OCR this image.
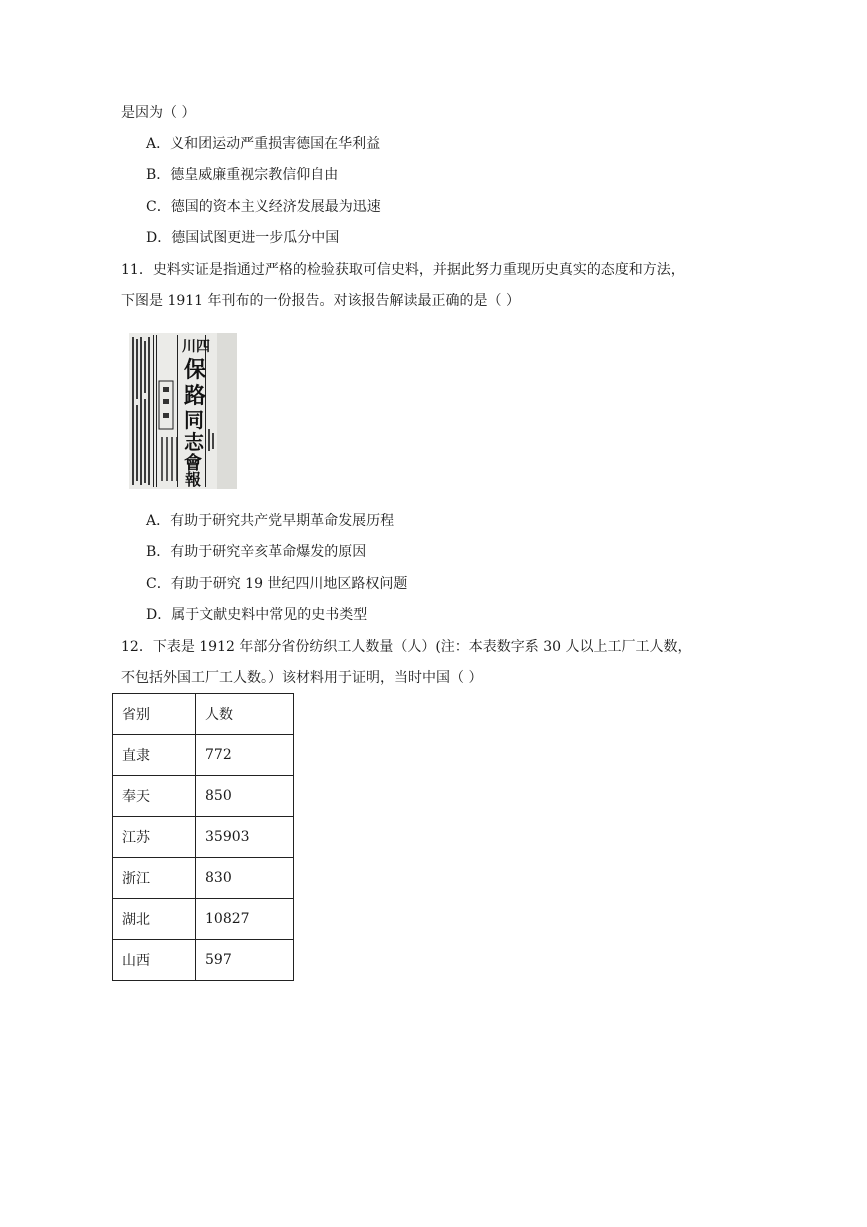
是因为（ ）
A．义和团运动严重损害德国在华利益
B．德皇威廉重视宗教信仰自由
C．德国的资本主义经济发展最为迅速
D．德国试图更进一步瓜分中国
11．史料实证是指通过严格的检验获取可信史料，并据此努力重现历史真实的态度和方法，
下图是 1911 年刊布的一份报告。对该报告解读最正确的是（ ）
川 四
保
路
同
志
會
報
A．有助于研究共产党早期革命发展历程
B．有助于研究辛亥革命爆发的原因
C．有助于研究 19 世纪四川地区路权问题
D．属于文献史料中常见的史书类型
12．下表是 1912 年部分省份纺织工人数量（人）(注：本表数字系 30 人以上工厂工人数，
不包括外国工厂工人数。）该材料用于证明，当时中国（ ）
省别	人数
直隶	772
奉天	850
江苏	35903
浙江	830
湖北	10827
山西	597
